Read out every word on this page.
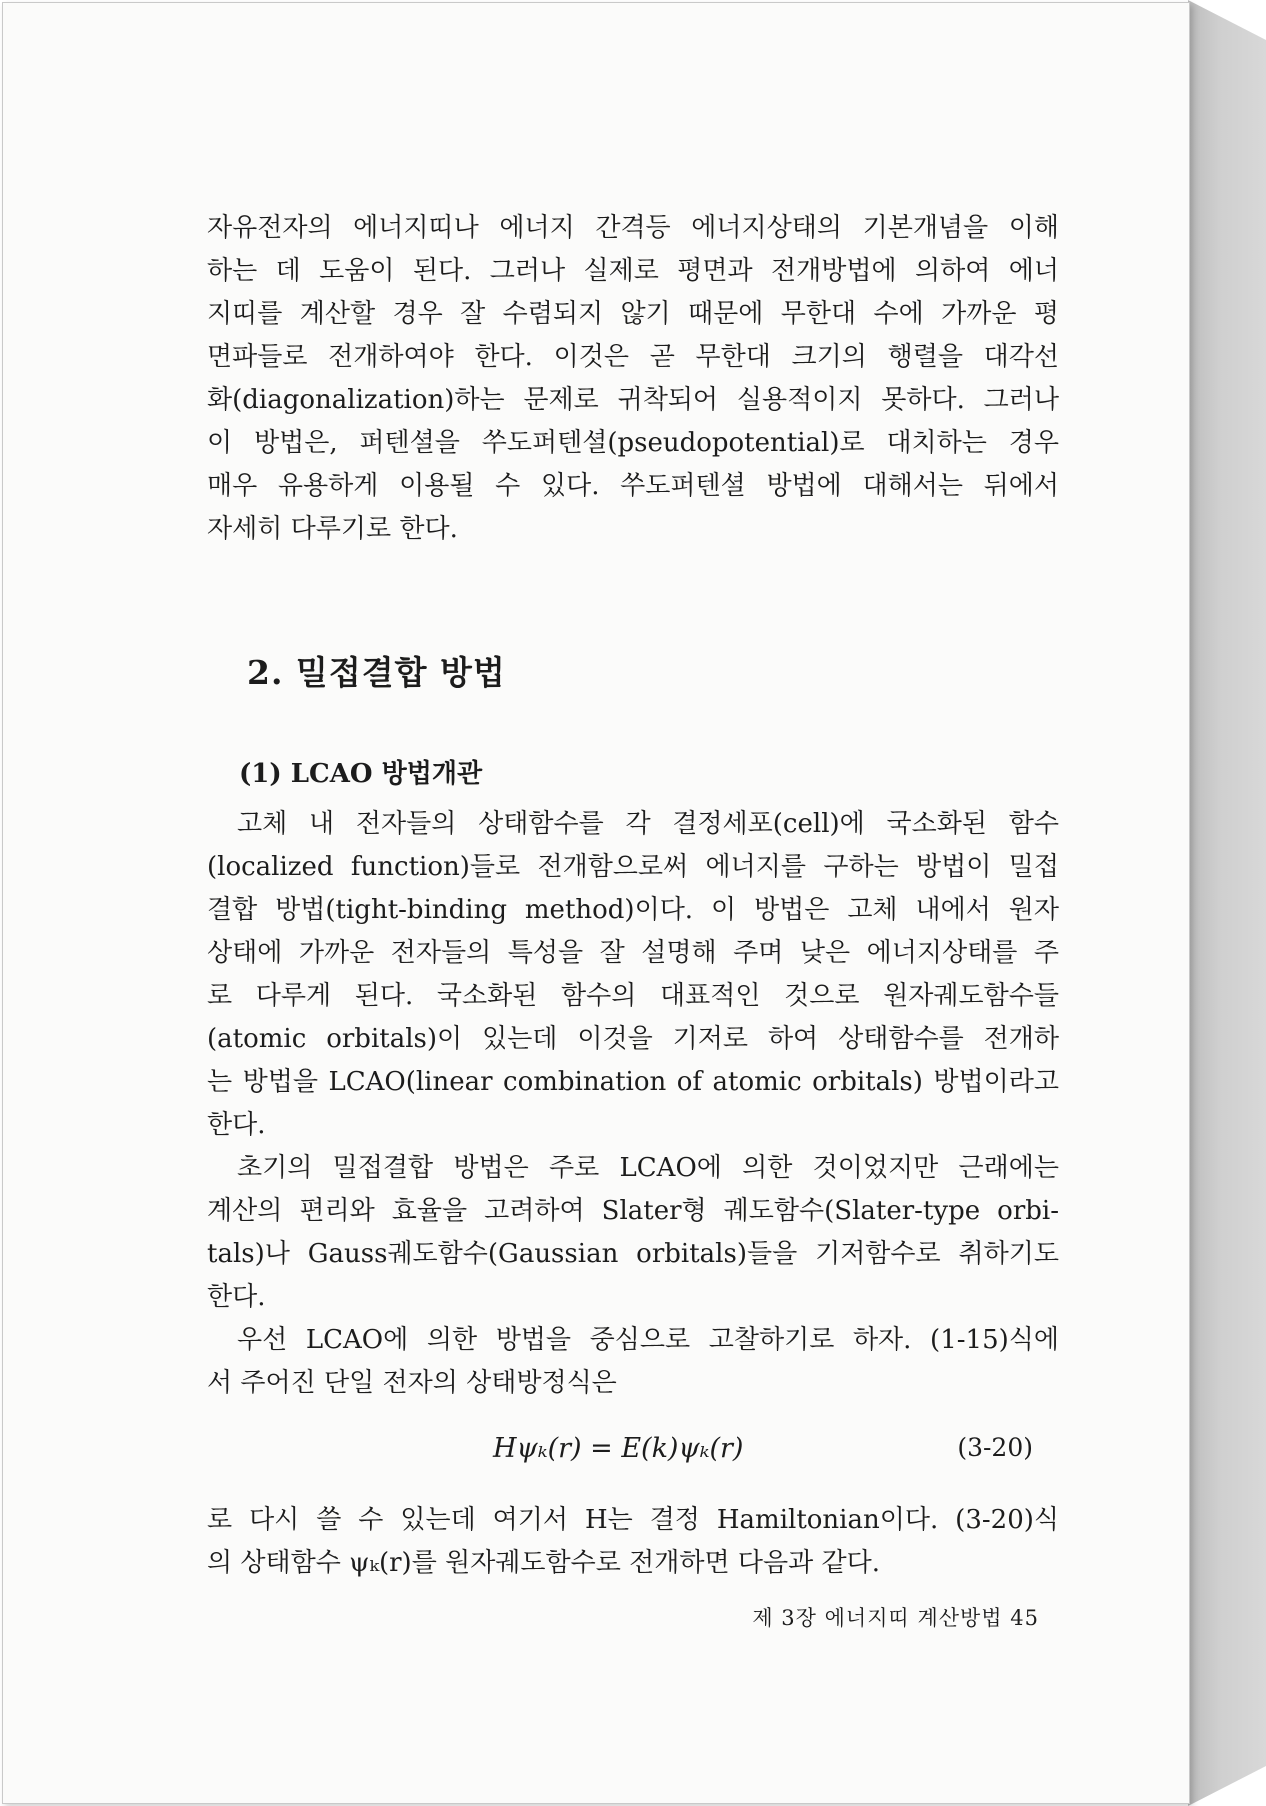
자유전자의 에너지띠나 에너지 간격등 에너지상태의 기본개념을 이해
하는 데 도움이 된다. 그러나 실제로 평면과 전개방법에 의하여 에너
지띠를 계산할 경우 잘 수렴되지 않기 때문에 무한대 수에 가까운 평
면파들로 전개하여야 한다. 이것은 곧 무한대 크기의 행렬을 대각선
화(diagonalization)하는 문제로 귀착되어 실용적이지 못하다. 그러나
이 방법은, 퍼텐셜을 쑤도퍼텐셜(pseudopotential)로 대치하는 경우
매우 유용하게 이용될 수 있다. 쑤도퍼텐셜 방법에 대해서는 뒤에서
자세히 다루기로 한다.

2. 밀접결합 방법
(1) LCAO 방법개관

고체 내 전자들의 상태함수를 각 결정세포(cell)에 국소화된 함수
(localized function)들로 전개함으로써 에너지를 구하는 방법이 밀접
결합 방법(tight-binding method)이다. 이 방법은 고체 내에서 원자
상태에 가까운 전자들의 특성을 잘 설명해 주며 낮은 에너지상태를 주
로 다루게 된다. 국소화된 함수의 대표적인 것으로 원자궤도함수들
(atomic orbitals)이 있는데 이것을 기저로 하여 상태함수를 전개하
는 방법을 LCAO(linear combination of atomic orbitals) 방법이라고
한다.

초기의 밀접결합 방법은 주로 LCAO에 의한 것이었지만 근래에는
계산의 편리와 효율을 고려하여 Slater형 궤도함수(Slater-type orbi-
tals)나 Gauss궤도함수(Gaussian orbitals)들을 기저함수로 취하기도
한다.

우선 LCAO에 의한 방법을 중심으로 고찰하기로 하자. (1-15)식에
서 주어진 단일 전자의 상태방정식은

Hψₖ(r) = E(k)ψₖ(r)	(3-20)

로 다시 쓸 수 있는데 여기서 H는 결정 Hamiltonian이다. (3-20)식
의 상태함수 ψₖ(r)를 원자궤도함수로 전개하면 다음과 같다.

제 3장 에너지띠 계산방법 45
